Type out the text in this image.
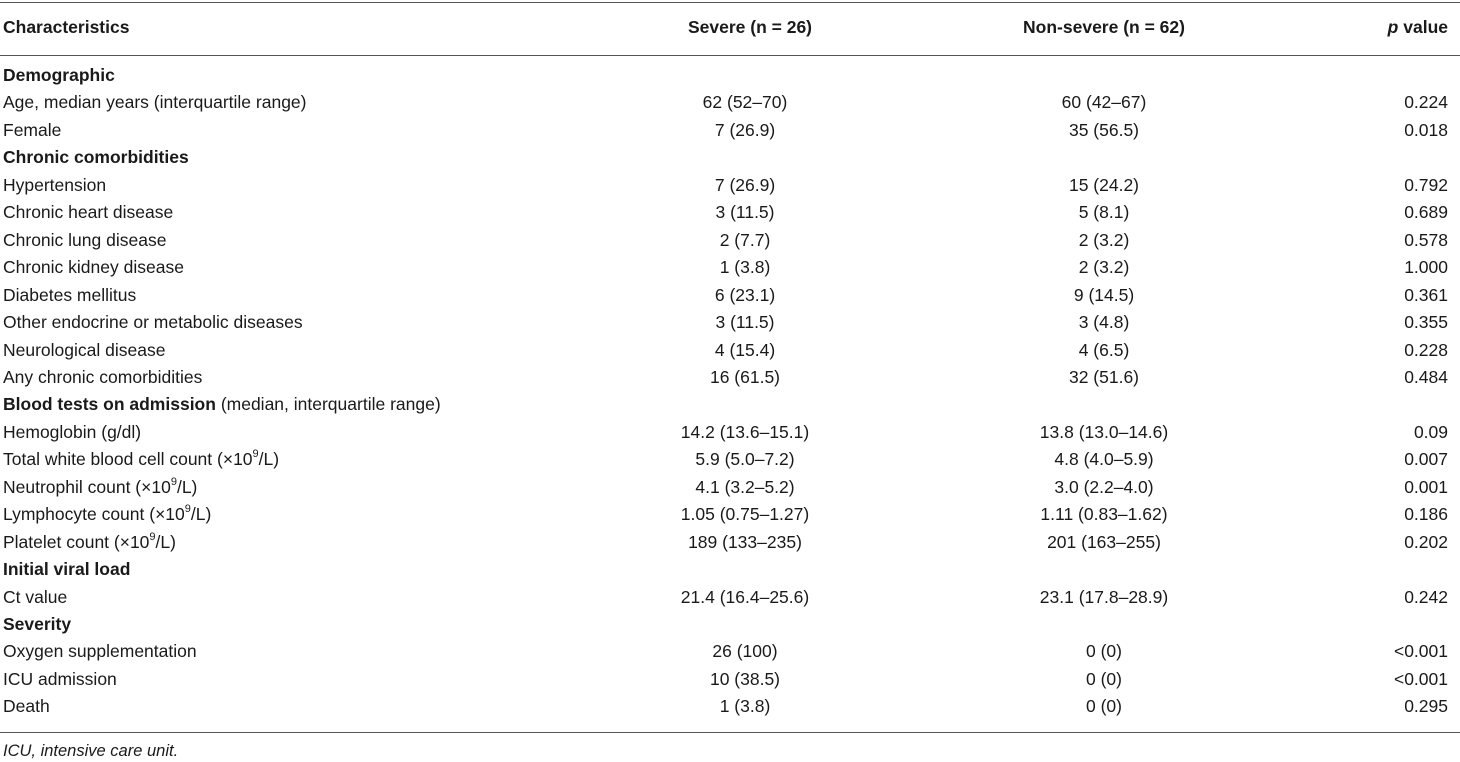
Characteristics	Severe (n = 26)	Non-severe (n = 62)	p value
Demographic
Age, median years (interquartile range)	62 (52–70)	60 (42–67)	0.224
Female	7 (26.9)	35 (56.5)	0.018
Chronic comorbidities
Hypertension	7 (26.9)	15 (24.2)	0.792
Chronic heart disease	3 (11.5)	5 (8.1)	0.689
Chronic lung disease	2 (7.7)	2 (3.2)	0.578
Chronic kidney disease	1 (3.8)	2 (3.2)	1.000
Diabetes mellitus	6 (23.1)	9 (14.5)	0.361
Other endocrine or metabolic diseases	3 (11.5)	3 (4.8)	0.355
Neurological disease	4 (15.4)	4 (6.5)	0.228
Any chronic comorbidities	16 (61.5)	32 (51.6)	0.484
Blood tests on admission (median, interquartile range)
Hemoglobin (g/dl)	14.2 (13.6–15.1)	13.8 (13.0–14.6)	0.09
Total white blood cell count $(\times 10^9/L)$	5.9 (5.0–7.2)	4.8 (4.0–5.9)	0.007
Neutrophil count $(\times 10^9/L)$	4.1 (3.2–5.2)	3.0 (2.2–4.0)	0.001
Lymphocyte count $(\times 10^9/L)$	1.05 (0.75–1.27)	1.11 (0.83–1.62)	0.186
Platelet count $(\times 10^9/L)$	189 (133–235)	201 (163–255)	0.202
Initial viral load
Ct value	21.4 (16.4–25.6)	23.1 (17.8–28.9)	0.242
Severity
Oxygen supplementation	26 (100)	0 (0)	<0.001
ICU admission	10 (38.5)	0 (0)	<0.001
Death	1 (3.8)	0 (0)	0.295
ICU, intensive care unit.
